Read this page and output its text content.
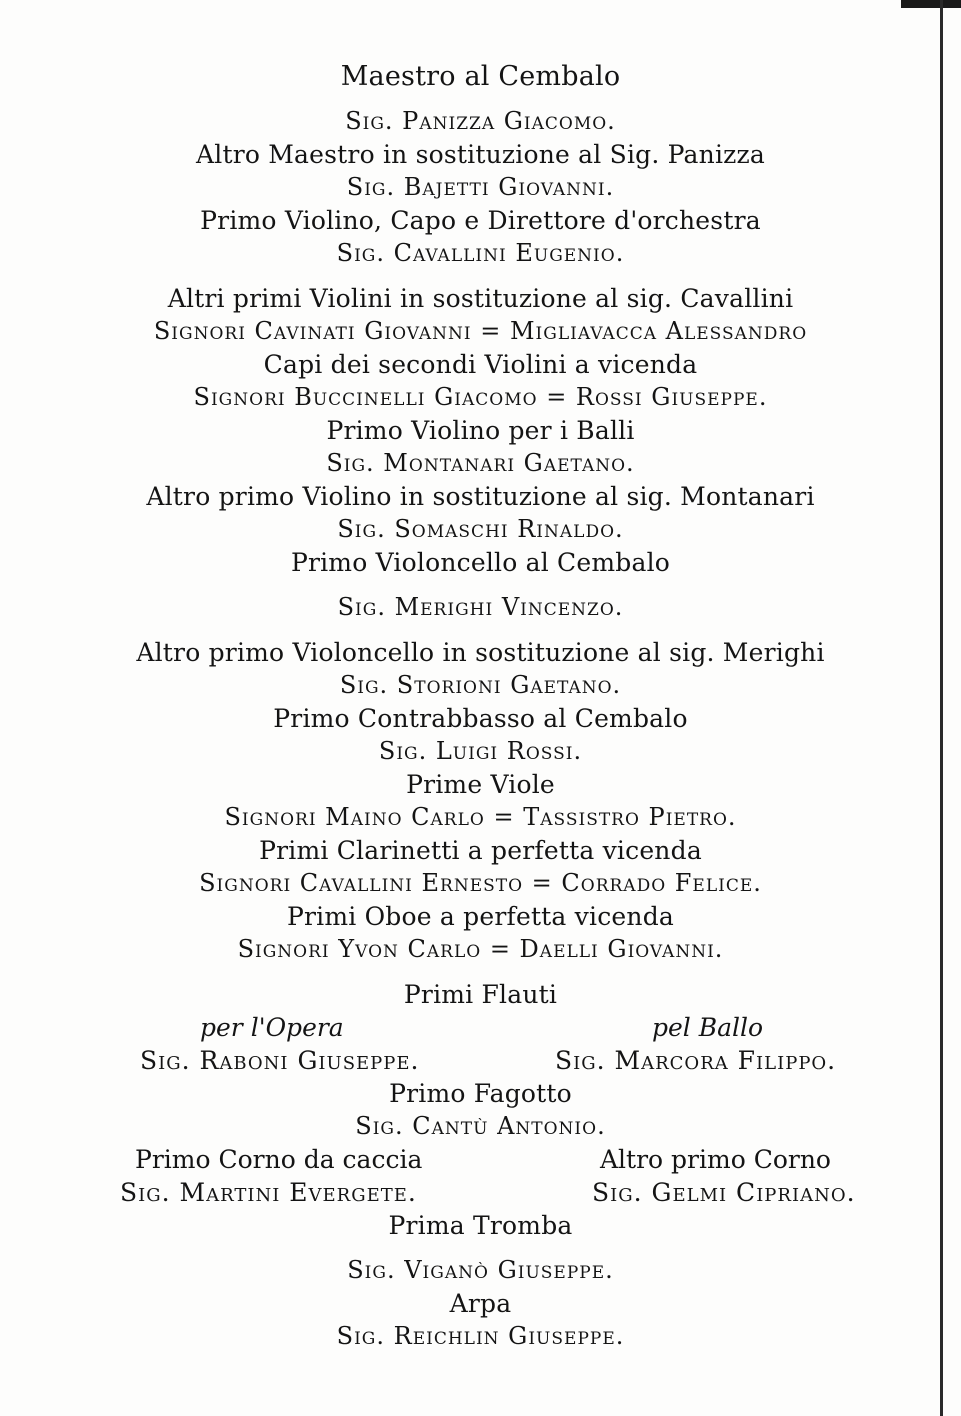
Maestro al Cembalo
Sig. Panizza Giacomo.
Altro Maestro in sostituzione al Sig. Panizza
Sig. Bajetti Giovanni.
Primo Violino, Capo e Direttore d'orchestra
Sig. Cavallini Eugenio.
Altri primi Violini in sostituzione al sig. Cavallini
Signori Cavinati Giovanni = Migliavacca Alessandro
Capi dei secondi Violini a vicenda
Signori Buccinelli Giacomo = Rossi Giuseppe.
Primo Violino per i Balli
Sig. Montanari Gaetano.
Altro primo Violino in sostituzione al sig. Montanari
Sig. Somaschi Rinaldo.
Primo Violoncello al Cembalo
Sig. Merighi Vincenzo.
Altro primo Violoncello in sostituzione al sig. Merighi
Sig. Storioni Gaetano.
Primo Contrabbasso al Cembalo
Sig. Luigi Rossi.
Prime Viole
Signori Maino Carlo = Tassistro Pietro.
Primi Clarinetti a perfetta vicenda
Signori Cavallini Ernesto = Corrado Felice.
Primi Oboe a perfetta vicenda
Signori Yvon Carlo = Daelli Giovanni.
Primi Flauti
per l'Opera	pel Ballo
Sig. Raboni Giuseppe.	Sig. Marcora Filippo.
Primo Fagotto
Sig. Cantù Antonio.
Primo Corno da caccia	Altro primo Corno
Sig. Martini Evergete.	Sig. Gelmi Cipriano.
Prima Tromba
Sig. Viganò Giuseppe.
Arpa
Sig. Reichlin Giuseppe.
